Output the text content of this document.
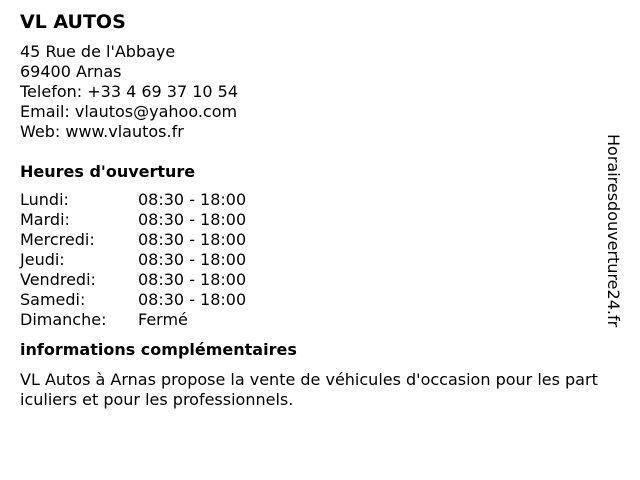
VL AUTOS
45 Rue de l'Abbaye
69400 Arnas
Telefon: +33 4 69 37 10 54
Email: vlautos@yahoo.com
Web: www.vlautos.fr
Heures d'ouverture
Lundi:	08:30 - 18:00
Mardi:	08:30 - 18:00
Mercredi:	08:30 - 18:00
Jeudi:	08:30 - 18:00
Vendredi:	08:30 - 18:00
Samedi:	08:30 - 18:00
Dimanche:	Fermé
informations complémentaires
VL Autos à Arnas propose la vente de véhicules d'occasion pour les particuliers et pour les professionnels.
Horairesdouverture24.fr
